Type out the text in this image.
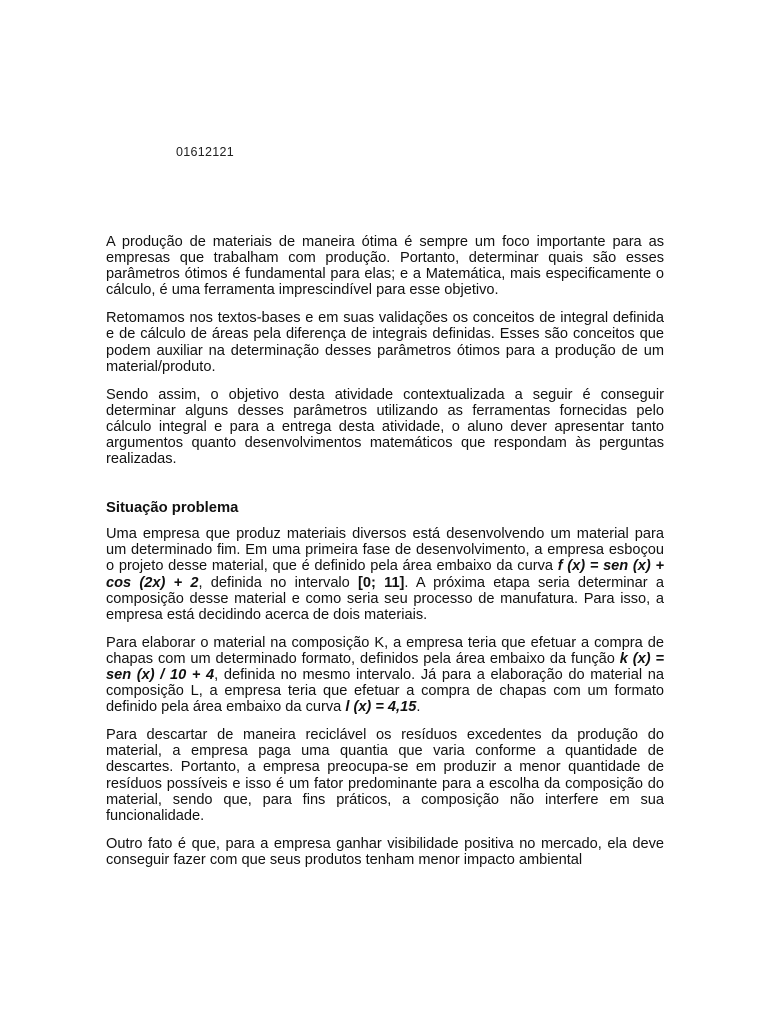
01612121

A produção de materiais de maneira ótima é sempre um foco importante para as empresas que trabalham com produção. Portanto, determinar quais são esses parâmetros ótimos é fundamental para elas; e a Matemática, mais especificamente o cálculo, é uma ferramenta imprescindível para esse objetivo.

Retomamos nos textos-bases e em suas validações os conceitos de integral definida e de cálculo de áreas pela diferença de integrais definidas. Esses são conceitos que podem auxiliar na determinação desses parâmetros ótimos para a produção de um material/produto.

Sendo assim, o objetivo desta atividade contextualizada a seguir é conseguir determinar alguns desses parâmetros utilizando as ferramentas fornecidas pelo cálculo integral e para a entrega desta atividade, o aluno dever apresentar tanto argumentos quanto desenvolvimentos matemáticos que respondam às perguntas realizadas.

Situação problema

Uma empresa que produz materiais diversos está desenvolvendo um material para um determinado fim. Em uma primeira fase de desenvolvimento, a empresa esboçou o projeto desse material, que é definido pela área embaixo da curva f (x) = sen (x) + cos (2x) + 2, definida no intervalo [0; 11]. A próxima etapa seria determinar a composição desse material e como seria seu processo de manufatura. Para isso, a empresa está decidindo acerca de dois materiais.

Para elaborar o material na composição K, a empresa teria que efetuar a compra de chapas com um determinado formato, definidos pela área embaixo da função k (x) = sen (x) / 10 + 4, definida no mesmo intervalo. Já para a elaboração do material na composição L, a empresa teria que efetuar a compra de chapas com um formato definido pela área embaixo da curva l (x) = 4,15.

Para descartar de maneira reciclável os resíduos excedentes da produção do material, a empresa paga uma quantia que varia conforme a quantidade de descartes. Portanto, a empresa preocupa-se em produzir a menor quantidade de resíduos possíveis e isso é um fator predominante para a escolha da composição do material, sendo que, para fins práticos, a composição não interfere em sua funcionalidade.

Outro fato é que, para a empresa ganhar visibilidade positiva no mercado, ela deve conseguir fazer com que seus produtos tenham menor impacto ambiental
